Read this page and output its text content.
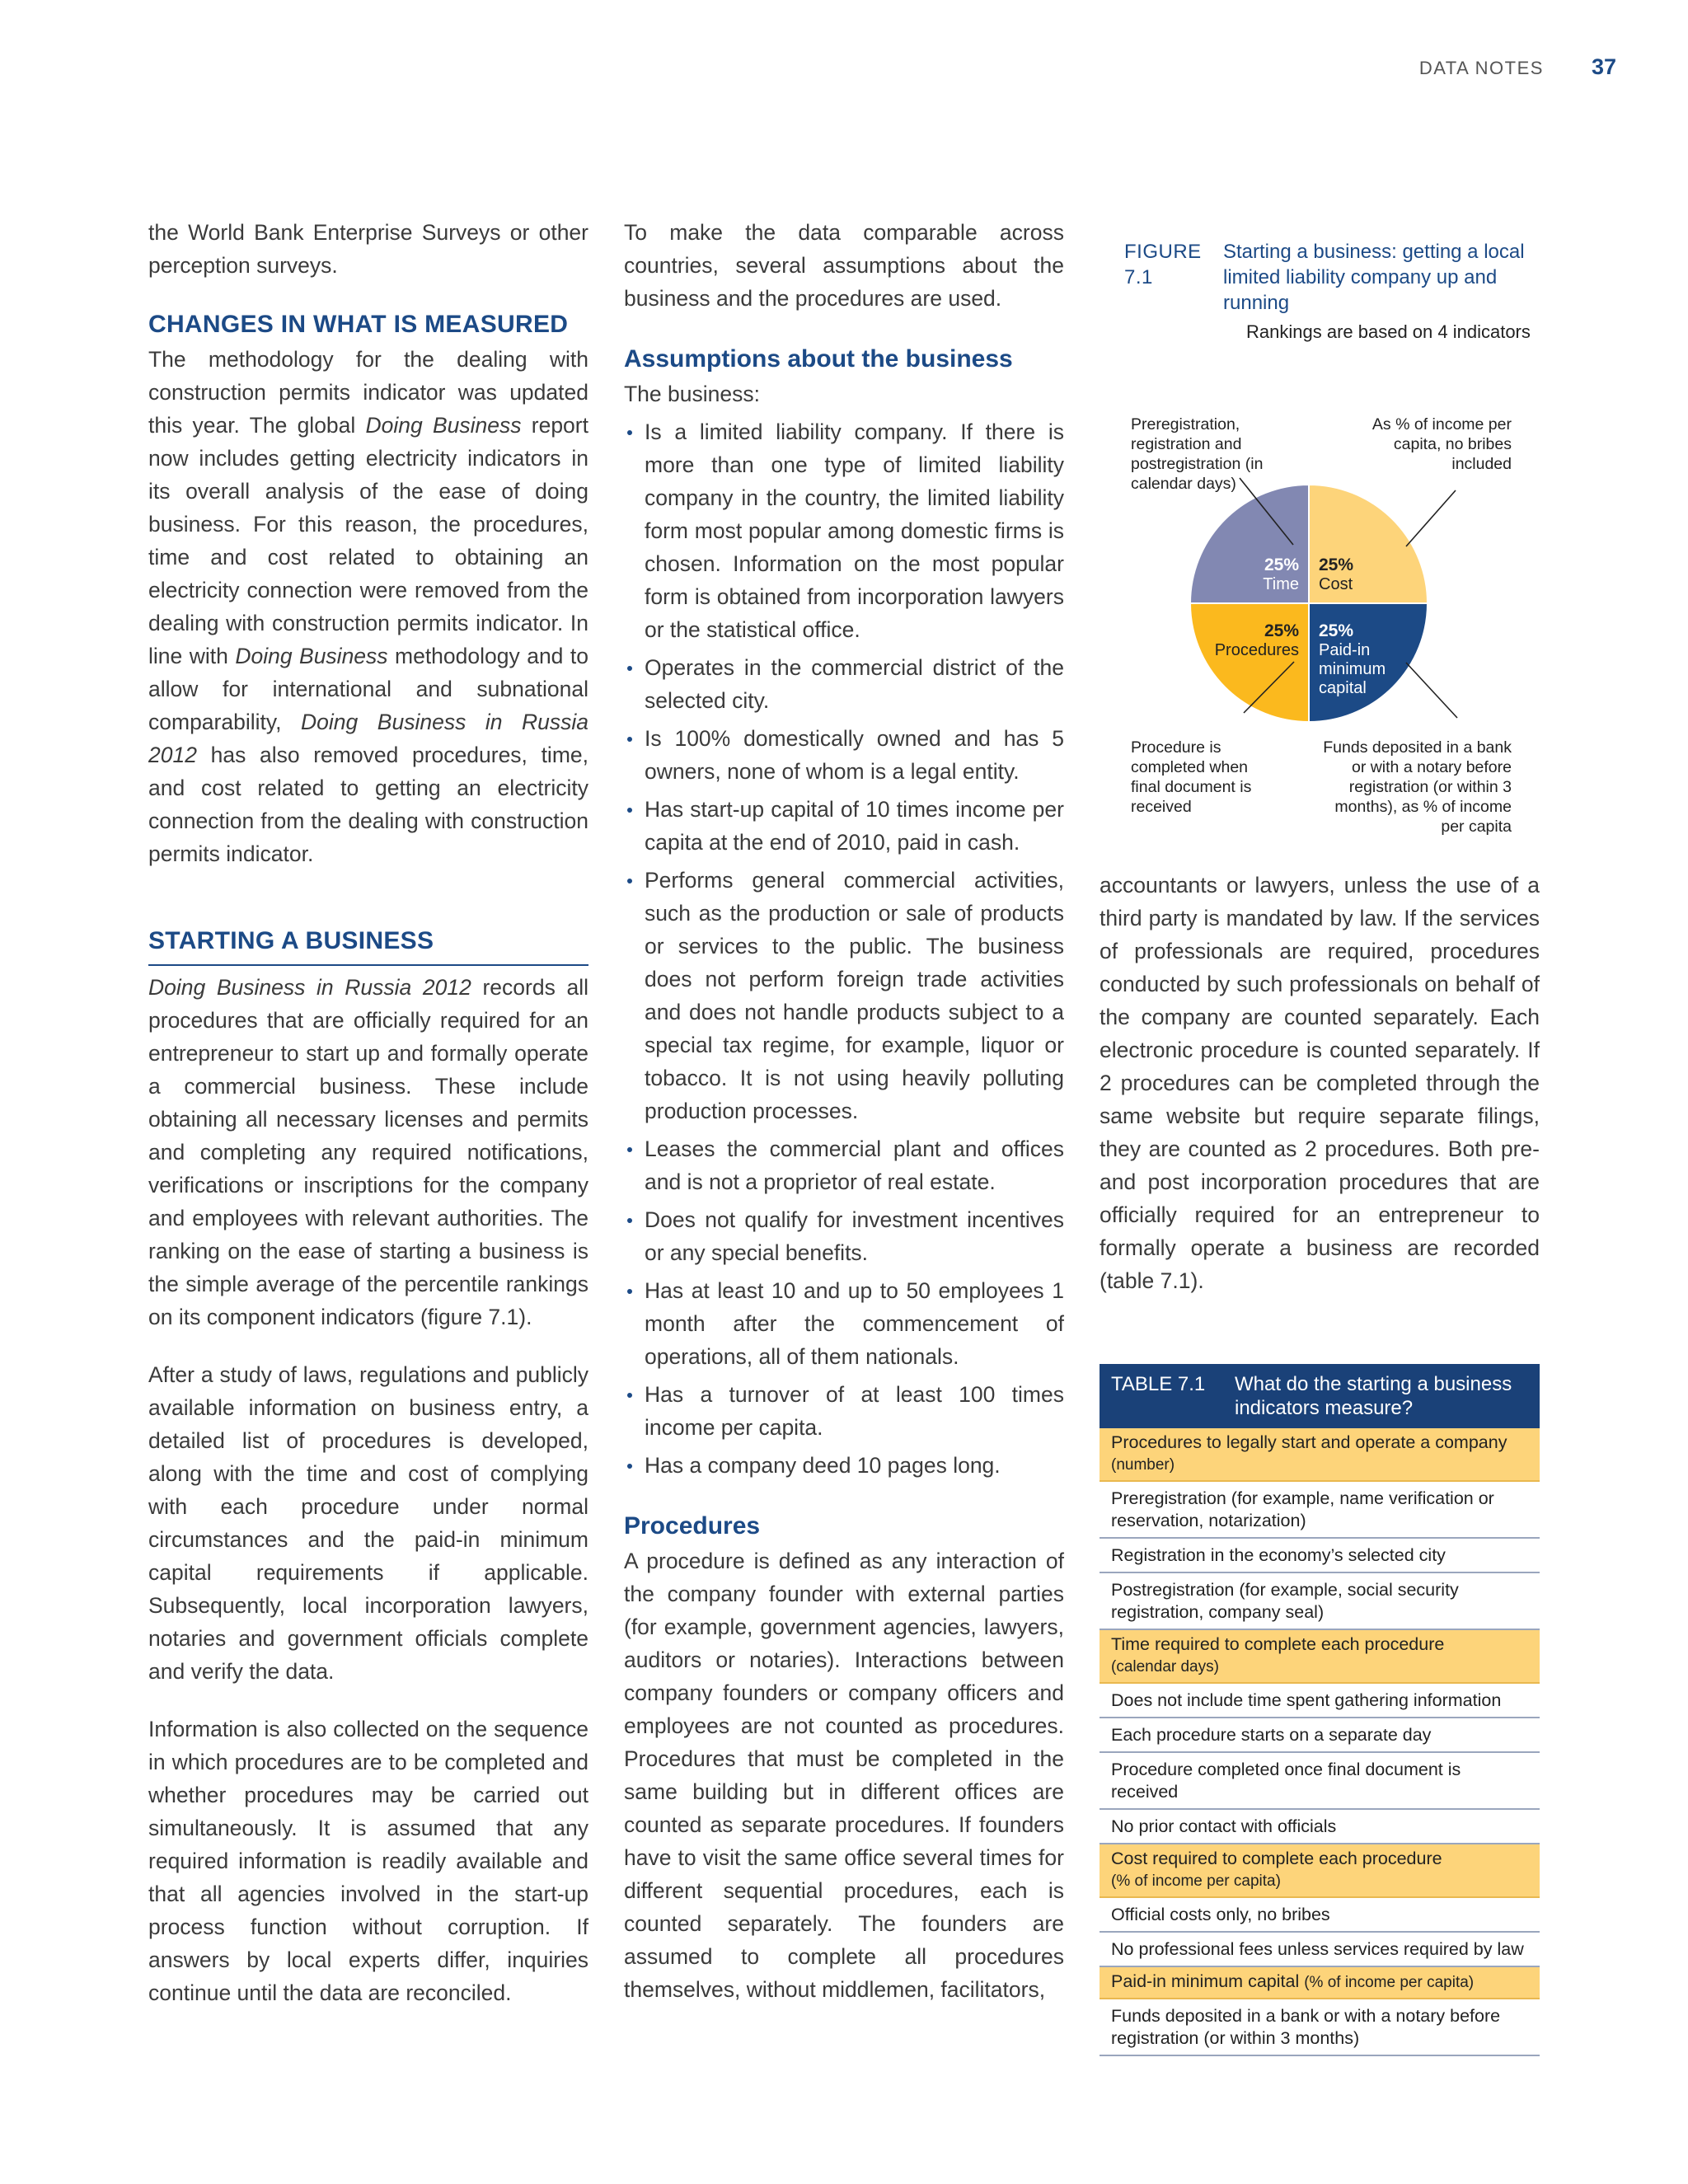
DATA NOTES 37

the World Bank Enterprise Surveys or other perception surveys.

CHANGES IN WHAT IS MEASURED

The methodology for the dealing with construction permits indicator was updated this year. The global Doing Business report now includes getting electricity indicators in its overall analysis of the ease of doing business. For this reason, the procedures, time and cost related to obtaining an electricity connection were removed from the dealing with construction permits indicator. In line with Doing Business methodology and to allow for international and subnational comparability, Doing Business in Russia 2012 has also removed procedures, time, and cost related to getting an electricity connection from the dealing with construction permits indicator.

STARTING A BUSINESS

Doing Business in Russia 2012 records all procedures that are officially required for an entrepreneur to start up and formally operate a commercial business. These include obtaining all necessary licenses and permits and completing any required notifications, verifications or inscriptions for the company and employees with relevant authorities. The ranking on the ease of starting a business is the simple average of the percentile rankings on its component indicators (figure 7.1).

After a study of laws, regulations and publicly available information on business entry, a detailed list of procedures is developed, along with the time and cost of complying with each procedure under normal circumstances and the paid-in minimum capital requirements if applicable. Subsequently, local incorporation lawyers, notaries and government officials complete and verify the data.

Information is also collected on the sequence in which procedures are to be completed and whether procedures may be carried out simultaneously. It is assumed that any required information is readily available and that all agencies involved in the start-up process function without corruption. If answers by local experts differ, inquiries continue until the data are reconciled.

To make the data comparable across countries, several assumptions about the business and the procedures are used.

Assumptions about the business

The business:

Is a limited liability company. If there is more than one type of limited liability company in the country, the limited liability form most popular among domestic firms is chosen. Information on the most popular form is obtained from incorporation lawyers or the statistical office.
Operates in the commercial district of the selected city.
Is 100% domestically owned and has 5 owners, none of whom is a legal entity.
Has start-up capital of 10 times income per capita at the end of 2010, paid in cash.
Performs general commercial activities, such as the production or sale of products or services to the public. The business does not perform foreign trade activities and does not handle products subject to a special tax regime, for example, liquor or tobacco. It is not using heavily polluting production processes.
Leases the commercial plant and offices and is not a proprietor of real estate.
Does not qualify for investment incentives or any special benefits.
Has at least 10 and up to 50 employees 1 month after the commencement of operations, all of them nationals.
Has a turnover of at least 100 times income per capita.
Has a company deed 10 pages long.
Procedures

A procedure is defined as any interaction of the company founder with external parties (for example, government agencies, lawyers, auditors or notaries). Interactions between company founders or company officers and employees are not counted as procedures. Procedures that must be completed in the same building but in different offices are counted as separate procedures. If founders have to visit the same office several times for different sequential procedures, each is counted separately. The founders are assumed to complete all procedures themselves, without middlemen, facilitators,

FIGURE 7.1
Starting a business: getting a local limited liability company up and running
Rankings are based on 4 indicators
25% Time
25% Cost
25% Paid-in minimum capital
25% Procedures
Preregistration, registration and postregistration (in calendar days)
As % of income per capita, no bribes included
Procedure is completed when final document is received
Funds deposited in a bank or with a notary before registration (or within 3 months), as % of income per capita

accountants or lawyers, unless the use of a third party is mandated by law. If the services of professionals are required, procedures conducted by such professionals on behalf of the company are counted separately. Each electronic procedure is counted separately. If 2 procedures can be completed through the same website but require separate filings, they are counted as 2 procedures. Both pre- and post incorporation procedures that are officially required for an entrepreneur to formally operate a business are recorded (table 7.1).

TABLE 7.1	What do the starting a business indicators measure?
Procedures to legally start and operate a company
(number)
Preregistration (for example, name verification or reservation, notarization)
Registration in the economy’s selected city
Postregistration (for example, social security registration, company seal)
Time required to complete each procedure
(calendar days)
Does not include time spent gathering information
Each procedure starts on a separate day
Procedure completed once final document is received
No prior contact with officials
Cost required to complete each procedure
(% of income per capita)
Official costs only, no bribes
No professional fees unless services required by law
Paid-in minimum capital (% of income per capita)
Funds deposited in a bank or with a notary before registration (or within 3 months)
